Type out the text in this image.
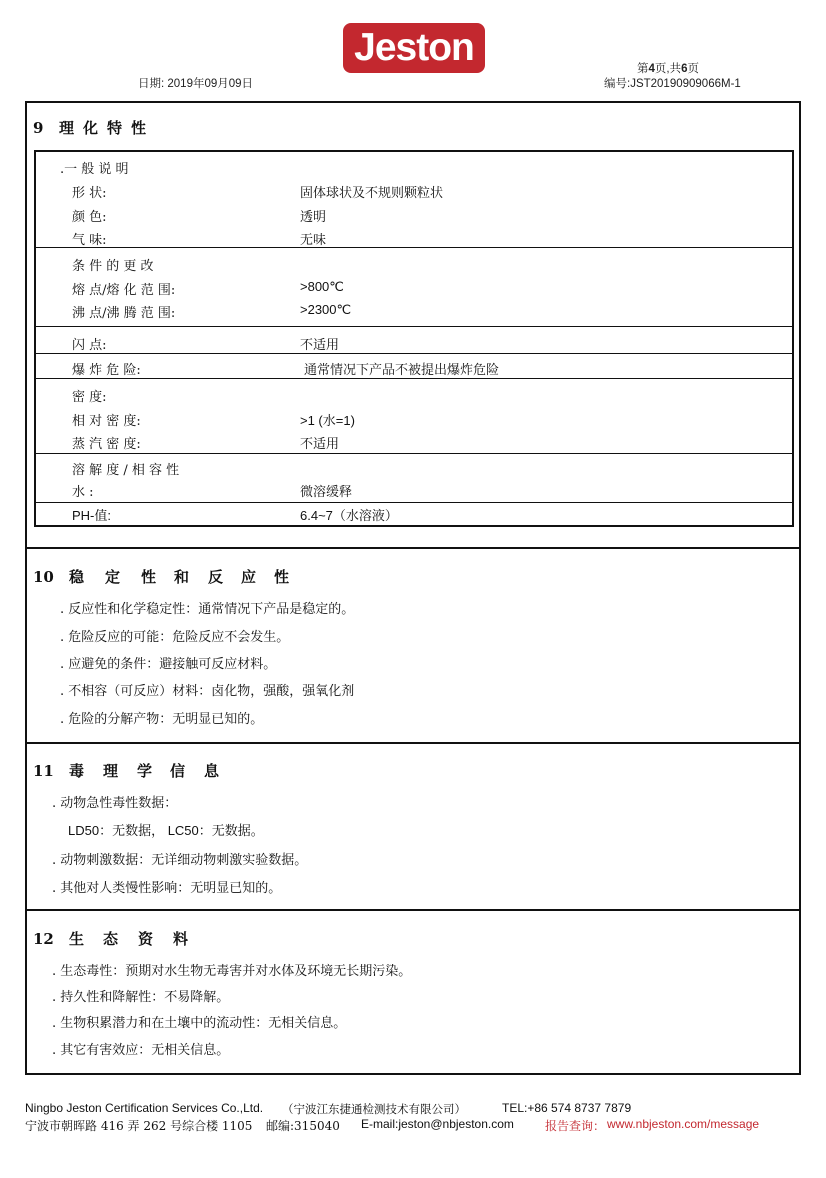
Jeston
日期: 2019年09月09日
第4页,共6页
编号:JST20190909066M-1
9 理 化 特 性
.一 般 说 明
形 状:	固体球状及不规则颗粒状
颜 色:	透明
气 味:	无味
条 件 的 更 改
熔 点/熔 化 范 围:	>800℃
沸 点/沸 腾 范 围:	>2300℃
闪 点:	不适用
爆 炸 危 险:	通常情况下产品不被提出爆炸危险
密 度:
相 对 密 度:	>1 (水=1)
蒸 汽 密 度:	不适用
溶 解 度 / 相 容 性
水 :	微溶缓释
PH-值:	6.4~7（水溶液）
10 稳 定 性 和 反 应 性
. 反应性和化学稳定性：通常情况下产品是稳定的。
. 危险反应的可能：危险反应不会发生。
. 应避免的条件：避接触可反应材料。
. 不相容（可反应）材料：卤化物，强酸，强氧化剂
. 危险的分解产物：无明显已知的。
11 毒 理 学 信 息
. 动物急性毒性数据：
LD50：无数据， LC50：无数据。
. 动物刺激数据：无详细动物刺激实验数据。
. 其他对人类慢性影响：无明显已知的。
12 生 态 资 料
. 生态毒性：预期对水生物无毒害并对水体及环境无长期污染。
. 持久性和降解性：不易降解。
. 生物积累潜力和在土壤中的流动性：无相关信息。
. 其它有害效应：无相关信息。
Ningbo Jeston Certification Services Co.,Ltd. （宁波江东捷通检测技术有限公司）	TEL:+86 574 8737 7879
宁波市朝晖路 416 弄 262 号综合楼 1105 邮编:315040 E-mail:jeston@nbjeston.com	报告查询： www.nbjeston.com/message
